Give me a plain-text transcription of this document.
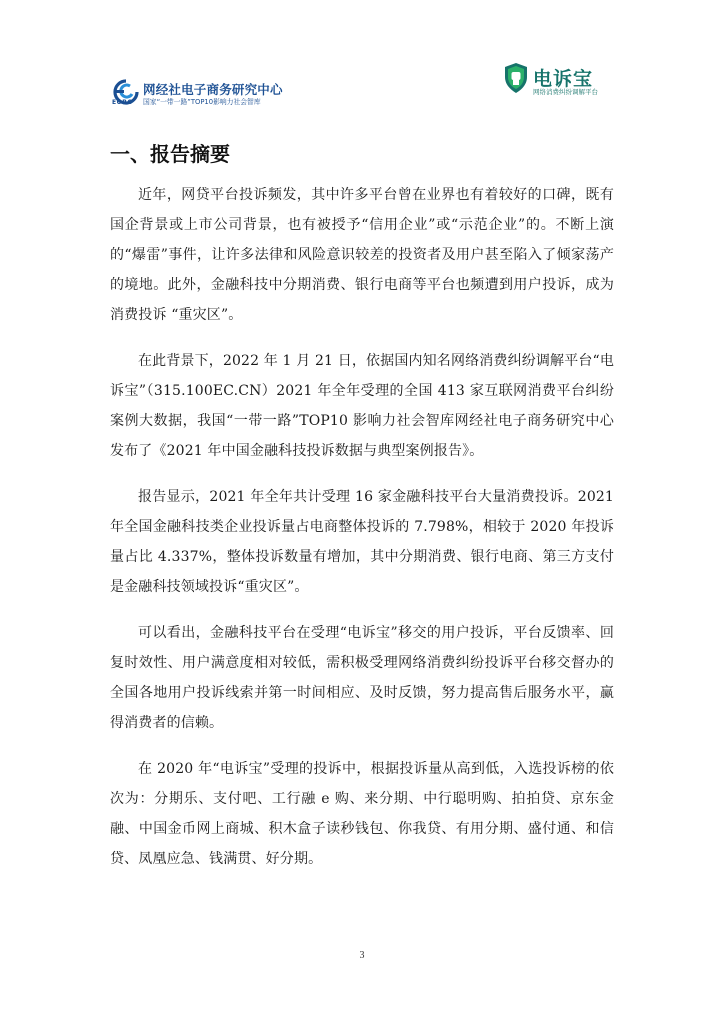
EORC
网经社电子商务研究中心
国家“一带一路”TOP10影响力社会智库
电诉宝
网络消费纠纷调解平台
一、报告摘要

近年，网贷平台投诉频发，其中许多平台曾在业界也有着较好的口碑，既有国企背景或上市公司背景，也有被授予“信用企业”或“示范企业”的。不断上演的“爆雷”事件，让许多法律和风险意识较差的投资者及用户甚至陷入了倾家荡产的境地。此外，金融科技中分期消费、银行电商等平台也频遭到用户投诉，成为消费投诉 “重灾区”。

在此背景下，2022 年 1 月 21 日，依据国内知名网络消费纠纷调解平台“电诉宝”（315.100EC.CN）2021 年全年受理的全国 413 家互联网消费平台纠纷案例大数据，我国“一带一路”TOP10 影响力社会智库网经社电子商务研究中心发布了《2021 年中国金融科技投诉数据与典型案例报告》。

报告显示，2021 年全年共计受理 16 家金融科技平台大量消费投诉。2021 年全国金融科技类企业投诉量占电商整体投诉的 7.798%，相较于 2020 年投诉量占比 4.337%，整体投诉数量有增加，其中分期消费、银行电商、第三方支付是金融科技领域投诉“重灾区”。

可以看出，金融科技平台在受理“电诉宝”移交的用户投诉，平台反馈率、回复时效性、用户满意度相对较低，需积极受理网络消费纠纷投诉平台移交督办的全国各地用户投诉线索并第一时间相应、及时反馈，努力提高售后服务水平，赢得消费者的信赖。

在 2020 年“电诉宝”受理的投诉中，根据投诉量从高到低，入选投诉榜的依次为：分期乐、支付吧、工行融 e 购、来分期、中行聪明购、拍拍贷、京东金融、中国金币网上商城、积木盒子读秒钱包、你我贷、有用分期、盛付通、和信贷、凤凰应急、钱满贯、好分期。

3
